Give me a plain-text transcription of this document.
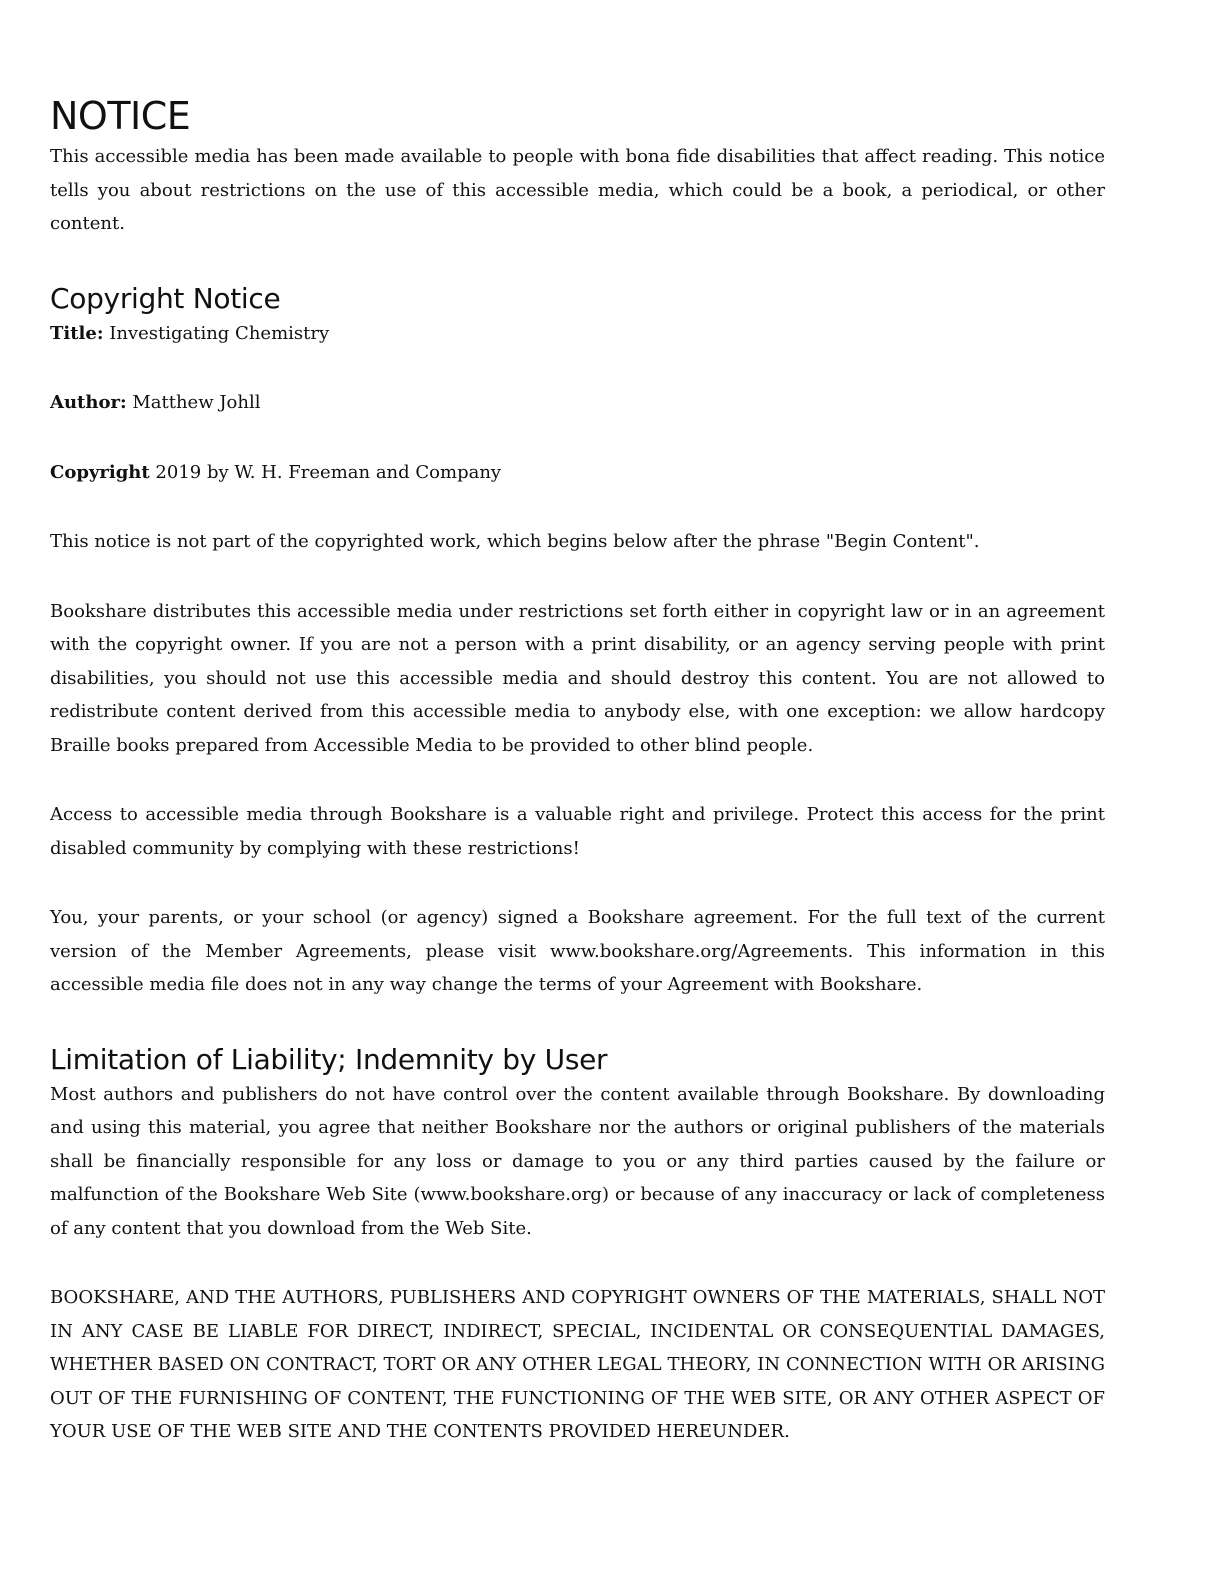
NOTICE

This accessible media has been made available to people with bona fide disabilities that affect reading. This notice tells you about restrictions on the use of this accessible media, which could be a book, a periodical, or other content.

Copyright Notice

Title: Investigating Chemistry

Author: Matthew Johll

Copyright 2019 by W. H. Freeman and Company

This notice is not part of the copyrighted work, which begins below after the phrase "Begin Content".

Bookshare distributes this accessible media under restrictions set forth either in copyright law or in an agreement with the copyright owner. If you are not a person with a print disability, or an agency serving people with print disabilities, you should not use this accessible media and should destroy this content. You are not allowed to redistribute content derived from this accessible media to anybody else, with one exception: we allow hardcopy Braille books prepared from Accessible Media to be provided to other blind people.

Access to accessible media through Bookshare is a valuable right and privilege. Protect this access for the print disabled community by complying with these restrictions!

You, your parents, or your school (or agency) signed a Bookshare agreement. For the full text of the current version of the Member Agreements, please visit www.bookshare.org/Agreements. This information in this accessible media file does not in any way change the terms of your Agreement with Bookshare.

Limitation of Liability; Indemnity by User

Most authors and publishers do not have control over the content available through Bookshare. By downloading and using this material, you agree that neither Bookshare nor the authors or original publishers of the materials shall be financially responsible for any loss or damage to you or any third parties caused by the failure or malfunction of the Bookshare Web Site (www.bookshare.org) or because of any inaccuracy or lack of completeness of any content that you download from the Web Site.

BOOKSHARE, AND THE AUTHORS, PUBLISHERS AND COPYRIGHT OWNERS OF THE MATERIALS, SHALL NOT IN ANY CASE BE LIABLE FOR DIRECT, INDIRECT, SPECIAL, INCIDENTAL OR CONSEQUENTIAL DAMAGES, WHETHER BASED ON CONTRACT, TORT OR ANY OTHER LEGAL THEORY, IN CONNECTION WITH OR ARISING OUT OF THE FURNISHING OF CONTENT, THE FUNCTIONING OF THE WEB SITE, OR ANY OTHER ASPECT OF YOUR USE OF THE WEB SITE AND THE CONTENTS PROVIDED HEREUNDER.
